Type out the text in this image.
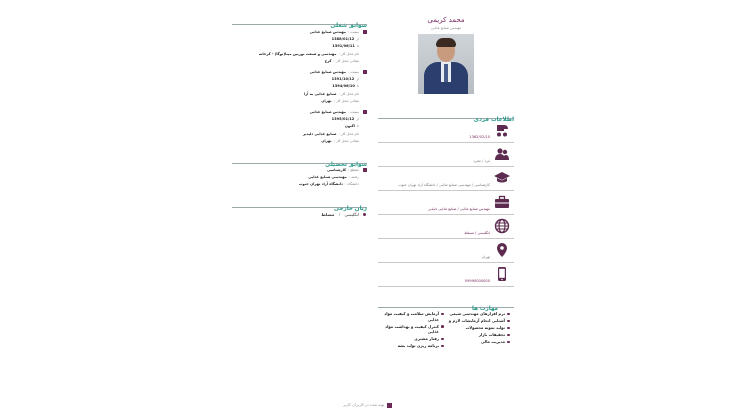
محمد کریمی
مهندس صنایع غذایی
اطلاعات فردی
1362/02/10
مرد / مجرد
کارشناسی / مهندسی صنایع غذایی / دانشگاه آزاد تهران جنوب
مهندس صنایع غذایی / صنایع غذایی دلپذیر
انگلیسی / مسلط
تهران
09990000000
مهارت ها
نرم افزارهای مهندسی شیمی
آشنایی انجام آزمایشات لازم و
تولید نمونه محصولات
تحقیقات بازار
مدیریت مالی
آزمایش سلامت و کیفیت مواد غذایی
کنترل کیفیت و بهداشت مواد غذایی
رفتار مشتری
برنامه ریزی تولید بشه
سوابق شغلی
سمت :مهندس صنایع غذایی
از1388/01/12
تا1391/06/11
نام محل کار :مهندسی و صنعت توربین مپنا(توگا) - کرخانه
نشانی محل کار :کرج
سمت :مهندس صنایع غذایی
از1391/10/12
تا1394/06/10
نام محل کار :صنایع غذایی به آرا
نشانی محل کار :تهران
سمت :مهندس صنایع غذایی
از1395/01/12
تااکنون
نام محل کار :صنایع غذایی دلپذیر
نشانی محل کار :تهران
سوابق تحصیلی
مقطع :کارشناسی
رشته :مهندسی صنایع غذایی
دانشگاه :دانشگاه آزاد تهران جنوب
زبان خارجی
انگلیسی / مسلط
تهیه شده در کاربران کاربر
